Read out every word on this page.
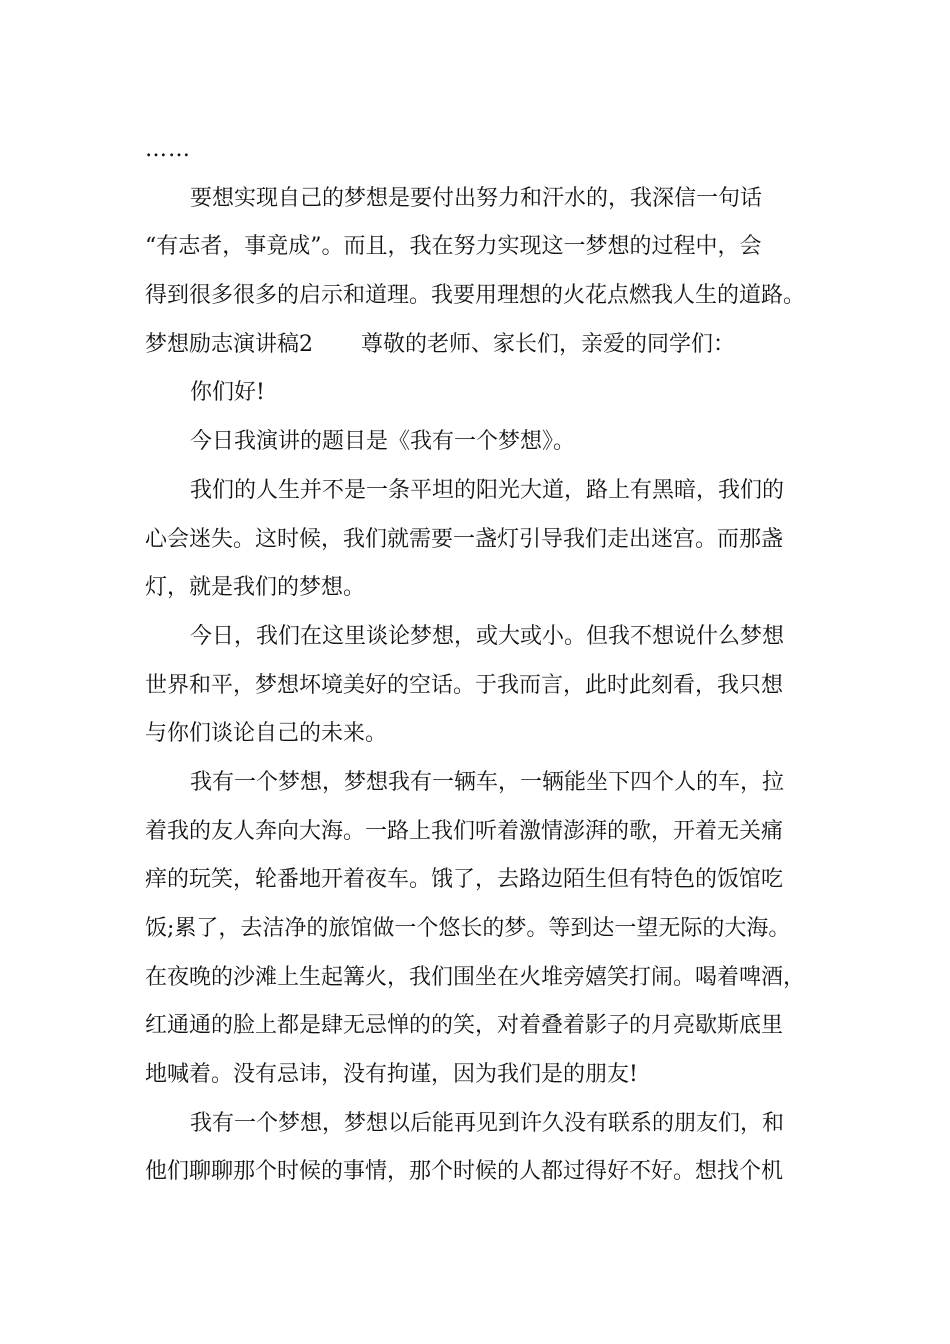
……
要想实现自己的梦想是要付出努力和汗水的，我深信一句话
“有志者，事竟成”。而且，我在努力实现这一梦想的过程中，会
得到很多很多的启示和道理。我要用理想的火花点燃我人生的道路。
梦想励志演讲稿2 尊敬的老师、家长们，亲爱的同学们：
你们好!
今日我演讲的题目是《我有一个梦想》。
我们的人生并不是一条平坦的阳光大道，路上有黑暗，我们的
心会迷失。这时候，我们就需要一盏灯引导我们走出迷宫。而那盏
灯，就是我们的梦想。
今日，我们在这里谈论梦想，或大或小。但我不想说什么梦想
世界和平，梦想坏境美好的空话。于我而言，此时此刻看，我只想
与你们谈论自己的未来。
我有一个梦想，梦想我有一辆车，一辆能坐下四个人的车，拉
着我的友人奔向大海。一路上我们听着激情澎湃的歌，开着无关痛
痒的玩笑，轮番地开着夜车。饿了，去路边陌生但有特色的饭馆吃
饭;累了，去洁净的旅馆做一个悠长的梦。等到达一望无际的大海。
在夜晚的沙滩上生起篝火，我们围坐在火堆旁嬉笑打闹。喝着啤酒，
红通通的脸上都是肆无忌惮的的笑，对着叠着影子的月亮歇斯底里
地喊着。没有忌讳，没有拘谨，因为我们是的朋友!
我有一个梦想，梦想以后能再见到许久没有联系的朋友们，和
他们聊聊那个时候的事情，那个时候的人都过得好不好。想找个机
